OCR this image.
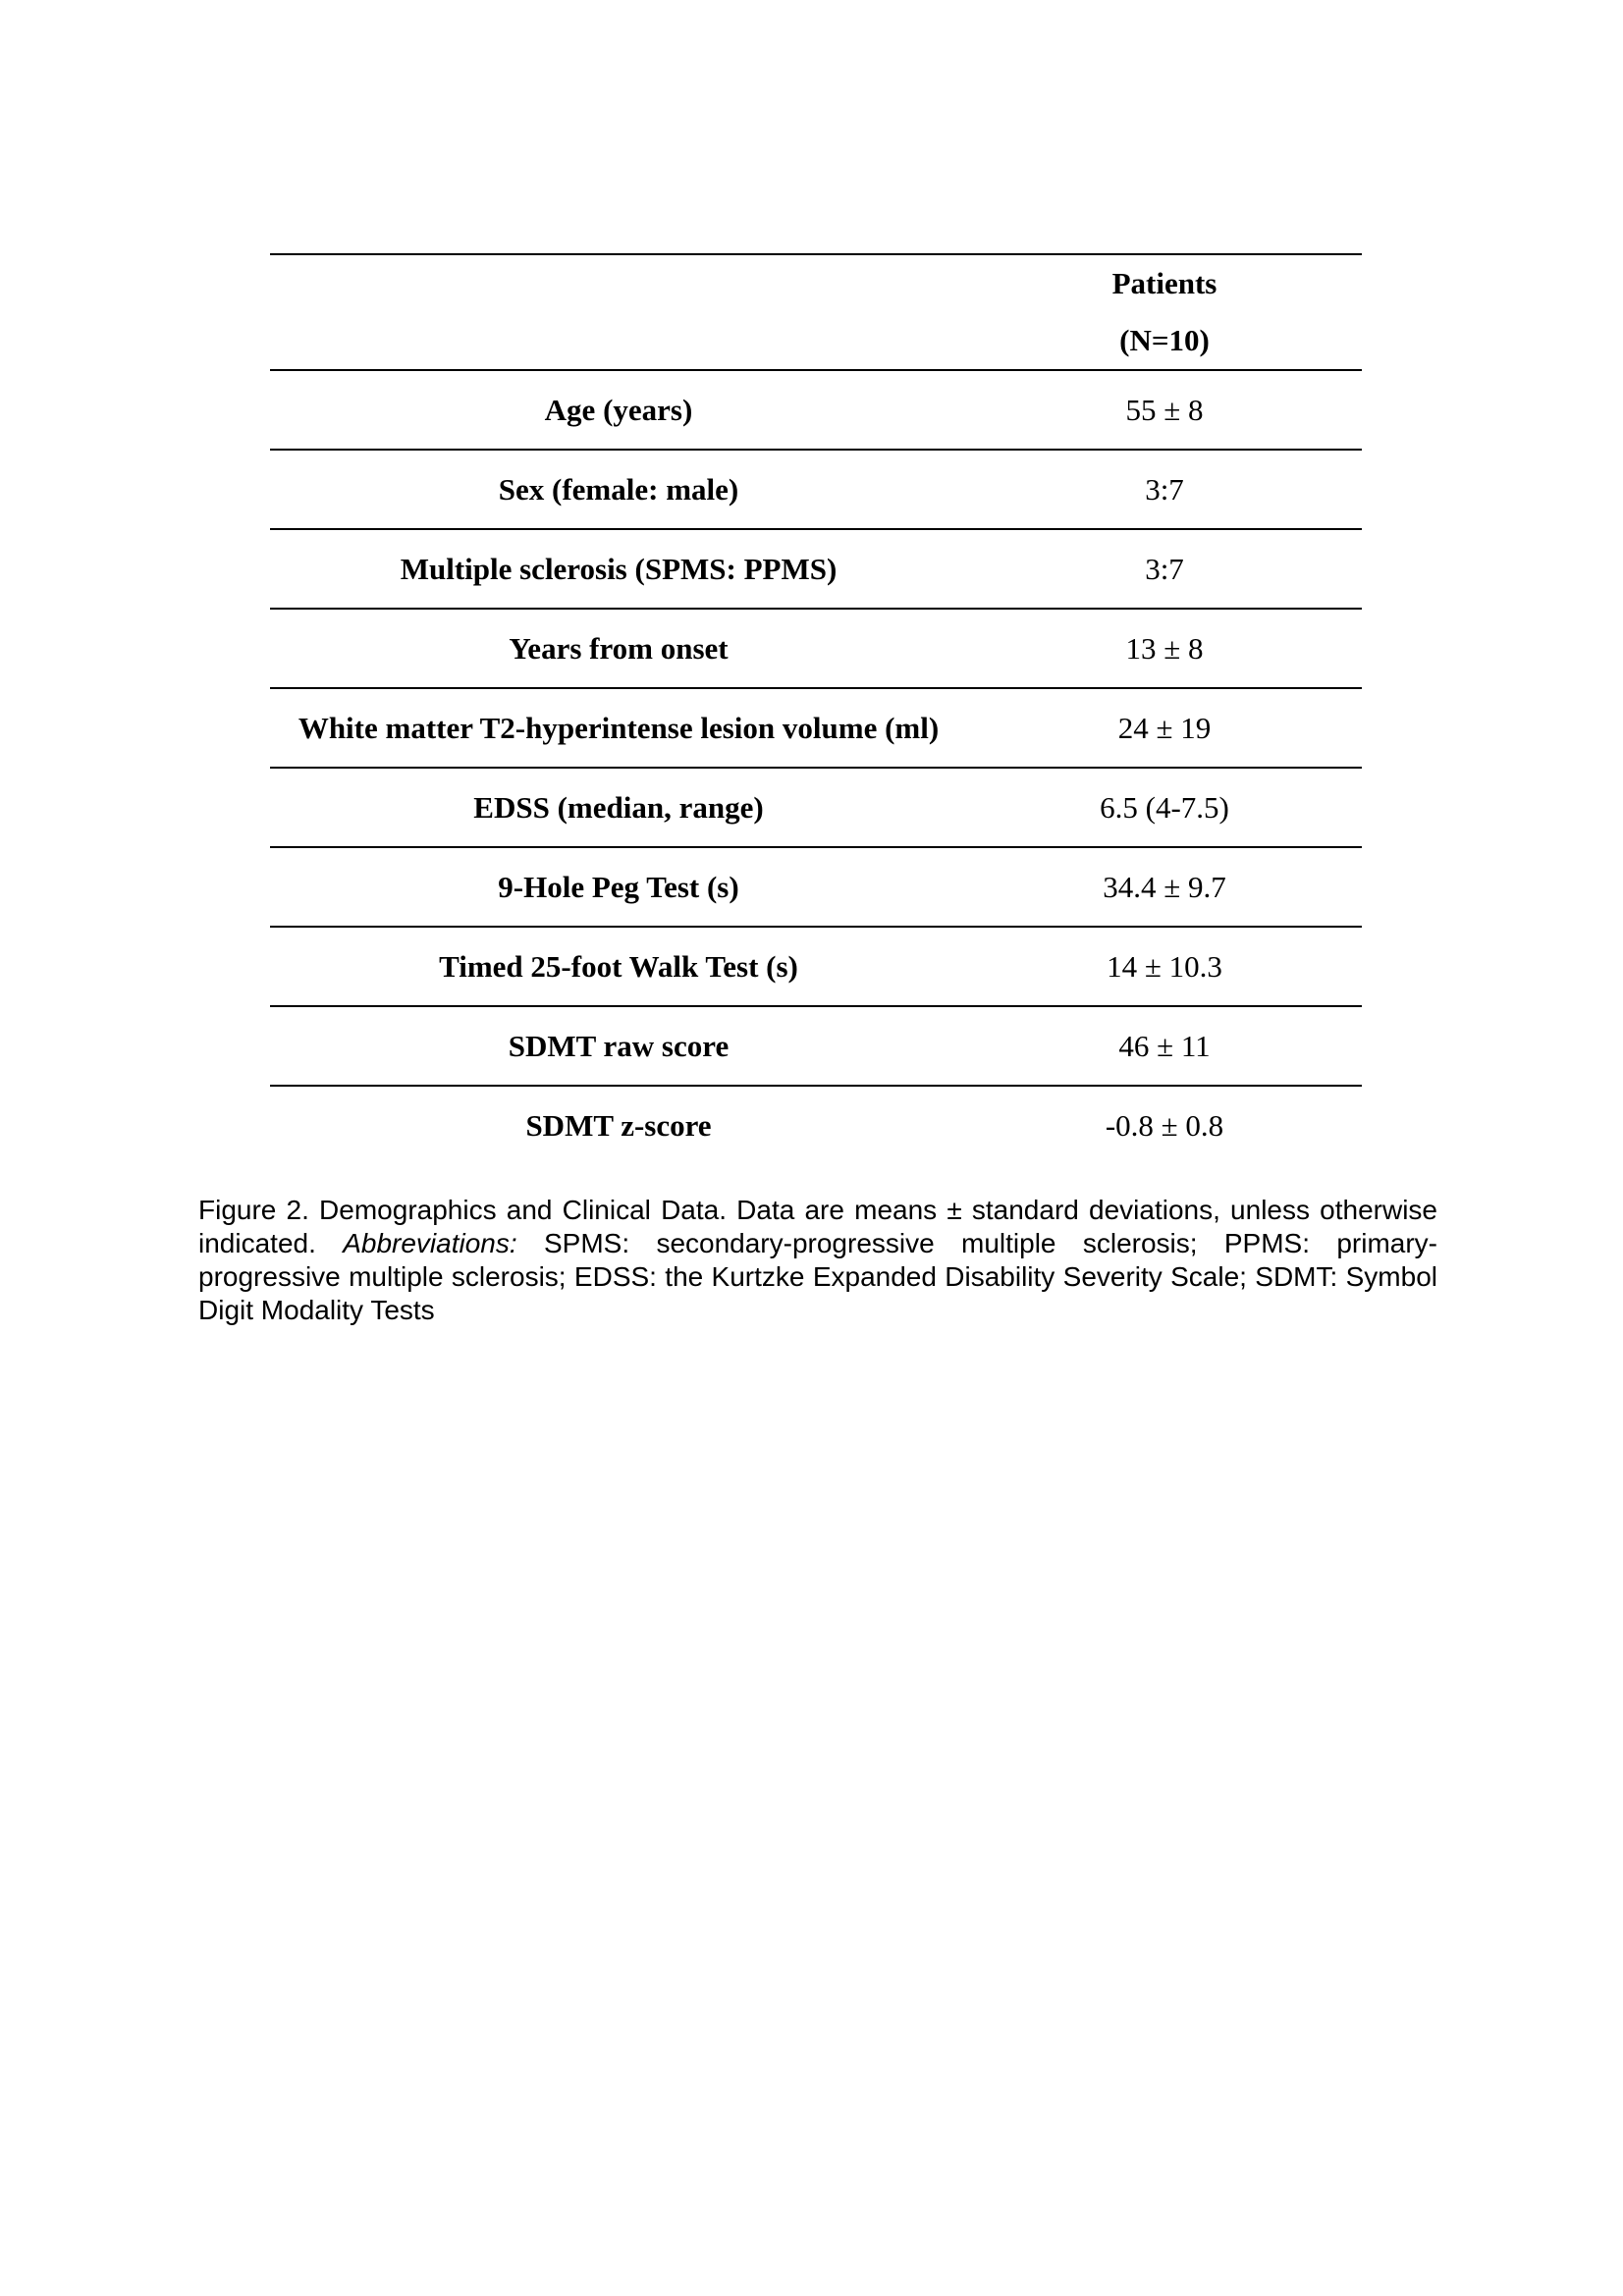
	Patients
(N=10)
Age (years)	55 ± 8
Sex (female: male)	3:7
Multiple sclerosis (SPMS: PPMS)	3:7
Years from onset	13 ± 8
White matter T2-hyperintense lesion volume (ml)	24 ± 19
EDSS (median, range)	6.5 (4-7.5)
9-Hole Peg Test (s)	34.4 ± 9.7
Timed 25-foot Walk Test (s)	14 ± 10.3
SDMT raw score	46 ± 11
SDMT z-score	-0.8 ± 0.8
Figure 2. Demographics and Clinical Data. Data are means ± standard deviations, unless otherwise indicated. Abbreviations: SPMS: secondary-progressive multiple sclerosis; PPMS: primary-progressive multiple sclerosis; EDSS: the Kurtzke Expanded Disability Severity Scale; SDMT: Symbol Digit Modality Tests
